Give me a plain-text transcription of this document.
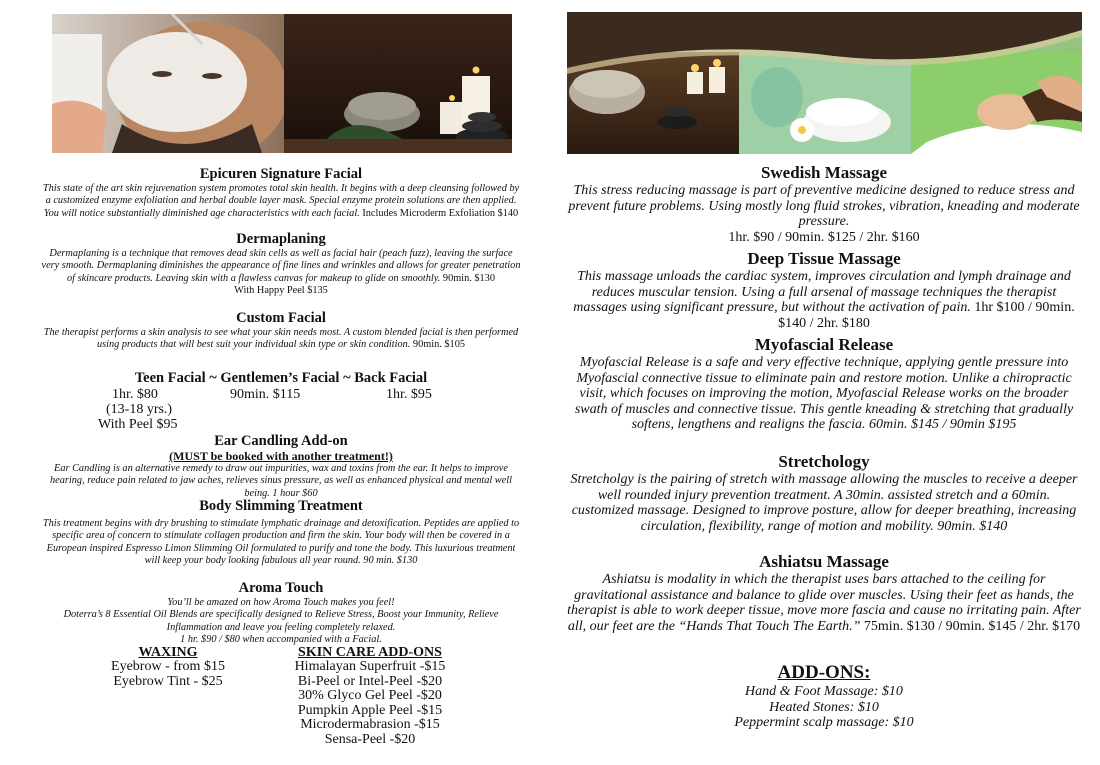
Epicuren Signature Facial

This state of the art skin rejuvenation system promotes total skin health. It begins with a deep cleansing followed by a customized enzyme exfoliation and herbal double layer mask. Special enzyme protein solutions are then applied. You will notice substantially diminished age characteristics with each facial. Includes Microderm Exfoliation $140

Dermaplaning

Dermaplaning is a technique that removes dead skin cells as well as facial hair (peach fuzz), leaving the surface very smooth. Dermaplaning diminishes the appearance of fine lines and wrinkles and allows for greater penetration of skincare products. Leaving skin with a flawless canvas for makeup to glide on smoothly. 90min. $130

With Happy Peel $135

Custom Facial

The therapist performs a skin analysis to see what your skin needs most. A custom blended facial is then performed using products that will best suit your individual skin type or skin condition. 90min. $105

Teen Facial ~ Gentlemen’s Facial ~ Back Facial

1hr. $80	90min. $115	1hr. $95
(13-18 yrs.)
With Peel $95

Ear Candling Add-on

(MUST be booked with another treatment!)

Ear Candling is an alternative remedy to draw out impurities, wax and toxins from the ear. It helps to improve hearing, reduce pain related to jaw aches, relieves sinus pressure, as well as enhanced physical and mental well being. 1 hour $60

Body Slimming Treatment

This treatment begins with dry brushing to stimulate lymphatic drainage and detoxification. Peptides are applied to specific area of concern to stimulate collagen production and firm the skin. Your body will then be covered in a European inspired Espresso Limon Slimming Oil formulated to purify and tone the body. This luxurious treatment will keep your body looking fabulous all year round. 90 min. $130

Aroma Touch

You’ll be amazed on how Aroma Touch makes you feel!

Doterra’s 8 Essential Oil Blends are specifically designed to Relieve Stress, Boost your Immunity, Relieve Inflammation and leave you feeling completely relaxed.

1 hr. $90 / $80 when accompanied with a Facial.

WAXING

Eyebrow - from $15

Eyebrow Tint - $25

SKIN CARE ADD-ONS

Himalayan Superfruit -$15

Bi-Peel or Intel-Peel -$20

30% Glyco Gel Peel -$20

Pumpkin Apple Peel -$15

Microdermabrasion -$15

Sensa-Peel -$20

Swedish Massage

This stress reducing massage is part of preventive medicine designed to reduce stress and prevent future problems. Using mostly long fluid strokes, vibration, kneading and moderate pressure.

1hr. $90 / 90min. $125 / 2hr. $160

Deep Tissue Massage

This massage unloads the cardiac system, improves circulation and lymph drainage and reduces muscular tension. Using a full arsenal of massage techniques the therapist massages using significant pressure, but without the activation of pain. 1hr $100 / 90min. $140 / 2hr. $180

Myofascial Release

Myofascial Release is a safe and very effective technique, applying gentle pressure into Myofascial connective tissue to eliminate pain and restore motion. Unlike a chiropractic visit, which focuses on improving the motion, Myofascial Release works on the broader swath of muscles and connective tissue. This gentle kneading & stretching that gradually softens, lengthens and realigns the fascia. 60min. $145 / 90min $195

Stretchology

Stretcholgy is the pairing of stretch with massage allowing the muscles to receive a deeper well rounded injury prevention treatment. A 30min. assisted stretch and a 60min. customized massage. Designed to improve posture, allow for deeper breathing, increasing circulation, flexibility, range of motion and mobility. 90min. $140

Ashiatsu Massage

Ashiatsu is modality in which the therapist uses bars attached to the ceiling for gravitational assistance and balance to glide over muscles. Using their feet as hands, the therapist is able to work deeper tissue, move more fascia and cause no irritating pain. After all, our feet are the “Hands That Touch The Earth.” 75min. $130 / 90min. $145 / 2hr. $170

ADD-ONS:

Hand & Foot Massage: $10

Heated Stones: $10

Peppermint scalp massage: $10
